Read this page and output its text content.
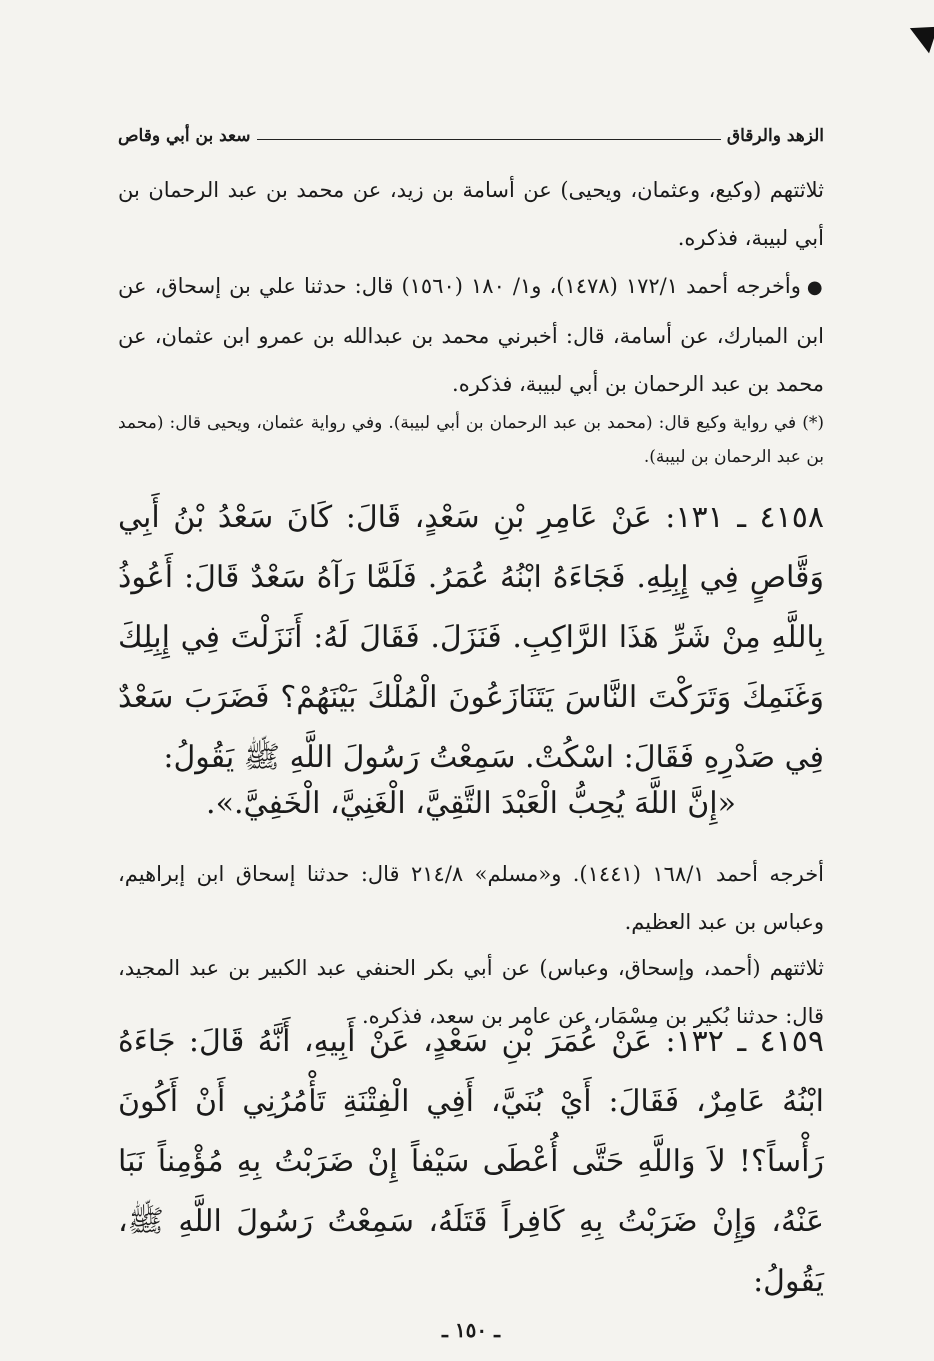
الزهد والرقاق
سعد بن أبي وقاص
ثلاثتهم (وكيع، وعثمان، ويحيى) عن أسامة بن زيد، عن محمد بن عبد الرحمان بن أبي لبيبة، فذكره.
●وأخرجه أحمد ١٧٢/١ (١٤٧٨)، و١/ ١٨٠ (١٥٦٠) قال: حدثنا علي بن إسحاق، عن ابن المبارك، عن أسامة، قال: أخبرني محمد بن عبدالله بن عمرو ابن عثمان، عن محمد بن عبد الرحمان بن أبي لبيبة، فذكره.
(*) في رواية وكيع قال: (محمد بن عبد الرحمان بن أبي لبيبة). وفي رواية عثمان، ويحيى قال: (محمد بن عبد الرحمان بن لبيبة).
٤١٥٨ ـ ١٣١: عَنْ عَامِرِ بْنِ سَعْدٍ، قَالَ: كَانَ سَعْدُ بْنُ أَبِي وَقَّاصٍ فِي إِبِلِهِ. فَجَاءَهُ ابْنُهُ عُمَرُ. فَلَمَّا رَآهُ سَعْدٌ قَالَ: أَعُوذُ بِاللَّهِ مِنْ شَرِّ هَذَا الرَّاكِبِ. فَنَزَلَ. فَقَالَ لَهُ: أَنَزَلْتَ فِي إِبِلِكَ وَغَنَمِكَ وَتَرَكْتَ النَّاسَ يَتَنَازَعُونَ الْمُلْكَ بَيْنَهُمْ؟ فَضَرَبَ سَعْدٌ فِي صَدْرِهِ فَقَالَ: اسْكُتْ. سَمِعْتُ رَسُولَ اللَّهِ ﷺ يَقُولُ:
«إِنَّ اللَّهَ يُحِبُّ الْعَبْدَ التَّقِيَّ، الْغَنِيَّ، الْخَفِيَّ.».
أخرجه أحمد ١٦٨/١ (١٤٤١). و«مسلم» ٢١٤/٨ قال: حدثنا إسحاق ابن إبراهيم، وعباس بن عبد العظيم.
ثلاثتهم (أحمد، وإسحاق، وعباس) عن أبي بكر الحنفي عبد الكبير بن عبد المجيد، قال: حدثنا بُكير بن مِسْمَار، عن عامر بن سعد، فذكره.
٤١٥٩ ـ ١٣٢: عَنْ عُمَرَ بْنِ سَعْدٍ، عَنْ أَبِيهِ، أَنَّهُ قَالَ: جَاءَهُ ابْنُهُ عَامِرٌ، فَقَالَ: أَيْ بُنَيَّ، أَفِي الْفِتْنَةِ تَأْمُرُنِي أَنْ أَكُونَ رَأْساً؟! لاَ وَاللَّهِ حَتَّى أُعْطَى سَيْفاً إِنْ ضَرَبْتُ بِهِ مُؤْمِناً نَبَا عَنْهُ، وَإِنْ ضَرَبْتُ بِهِ كَافِراً قَتَلَهُ، سَمِعْتُ رَسُولَ اللَّهِ ﷺ، يَقُولُ:
ـ ١٥٠ ـ
